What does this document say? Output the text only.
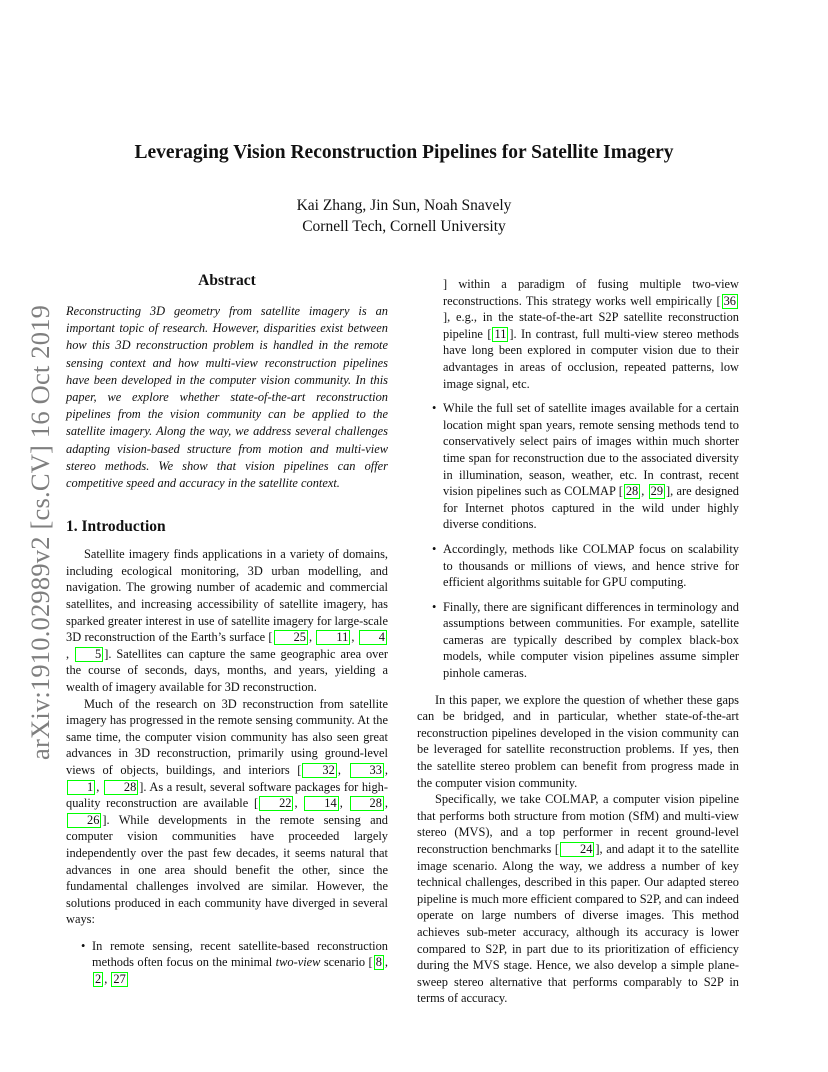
arXiv:1910.02989v2 [cs.CV] 16 Oct 2019
Leveraging Vision Reconstruction Pipelines for Satellite Imagery
Kai Zhang, Jin Sun, Noah Snavely
Cornell Tech, Cornell University
Abstract

Reconstructing 3D geometry from satellite imagery is an important topic of research. However, disparities exist between how this 3D reconstruction problem is handled in the remote sensing context and how multi-view reconstruction pipelines have been developed in the computer vision community. In this paper, we explore whether state-of-the-art reconstruction pipelines from the vision community can be applied to the satellite imagery. Along the way, we address several challenges adapting vision-based structure from motion and multi-view stereo methods. We show that vision pipelines can offer competitive speed and accuracy in the satellite context.

1. Introduction

Satellite imagery finds applications in a variety of domains, including ecological monitoring, 3D urban modelling, and navigation. The growing number of academic and commercial satellites, and increasing accessibility of satellite imagery, has sparked greater interest in use of satellite imagery for large-scale 3D reconstruction of the Earth’s surface [ 25 , 11 , 4, 5 ]. Satellites can capture the same geographic area over the course of seconds, days, months, and years, yielding a wealth of imagery available for 3D reconstruction.

Much of the research on 3D reconstruction from satellite imagery has progressed in the remote sensing community. At the same time, the computer vision community has also seen great advances in 3D reconstruction, primarily using ground-level views of objects, buildings, and interiors [ 32 , 33 , 1 , 28 ]. As a result, several software packages for high-quality reconstruction are available [ 22 , 14 , 28 , 26 ]. While developments in the remote sensing and computer vision communities have proceeded largely independently over the past few decades, it seems natural that advances in one area should benefit the other, since the fundamental challenges involved are similar. However, the solutions produced in each community have diverged in several ways:

• In remote sensing, recent satellite-based reconstruction methods often focus on the minimal two-view scenario [ 8 , 2 , 27

] within a paradigm of fusing multiple two-view reconstructions. This strategy works well empirically [ 36], e.g., in the state-of-the-art S2P satellite reconstruction pipeline [ 11 ]. In contrast, full multi-view stereo methods have long been explored in computer vision due to their advantages in areas of occlusion, repeated patterns, low image signal, etc.

• While the full set of satellite images available for a certain location might span years, remote sensing methods tend to conservatively select pairs of images within much shorter time span for reconstruction due to the associated diversity in illumination, season, weather, etc. In contrast, recent vision pipelines such as COLMAP [ 28 , 29 ], are designed for Internet photos captured in the wild under highly diverse conditions.
• Accordingly, methods like COLMAP focus on scalability to thousands or millions of views, and hence strive for efficient algorithms suitable for GPU computing.
• Finally, there are significant differences in terminology and assumptions between communities. For example, satellite cameras are typically described by complex black-box models, while computer vision pipelines assume simpler pinhole cameras.

In this paper, we explore the question of whether these gaps can be bridged, and in particular, whether state-of-the-art reconstruction pipelines developed in the vision community can be leveraged for satellite reconstruction problems. If yes, then the satellite stereo problem can benefit from progress made in the computer vision community.

Specifically, we take COLMAP, a computer vision pipeline that performs both structure from motion (SfM) and multi-view stereo (MVS), and a top performer in recent ground-level reconstruction benchmarks [ 24 ], and adapt it to the satellite image scenario. Along the way, we address a number of key technical challenges, described in this paper. Our adapted stereo pipeline is much more efficient compared to S2P, and can indeed operate on large numbers of diverse images. This method achieves sub-meter accuracy, although its accuracy is lower compared to S2P, in part due to its prioritization of efficiency during the MVS stage. Hence, we also develop a simple plane-sweep stereo alternative that performs comparably to S2P in terms of accuracy.
